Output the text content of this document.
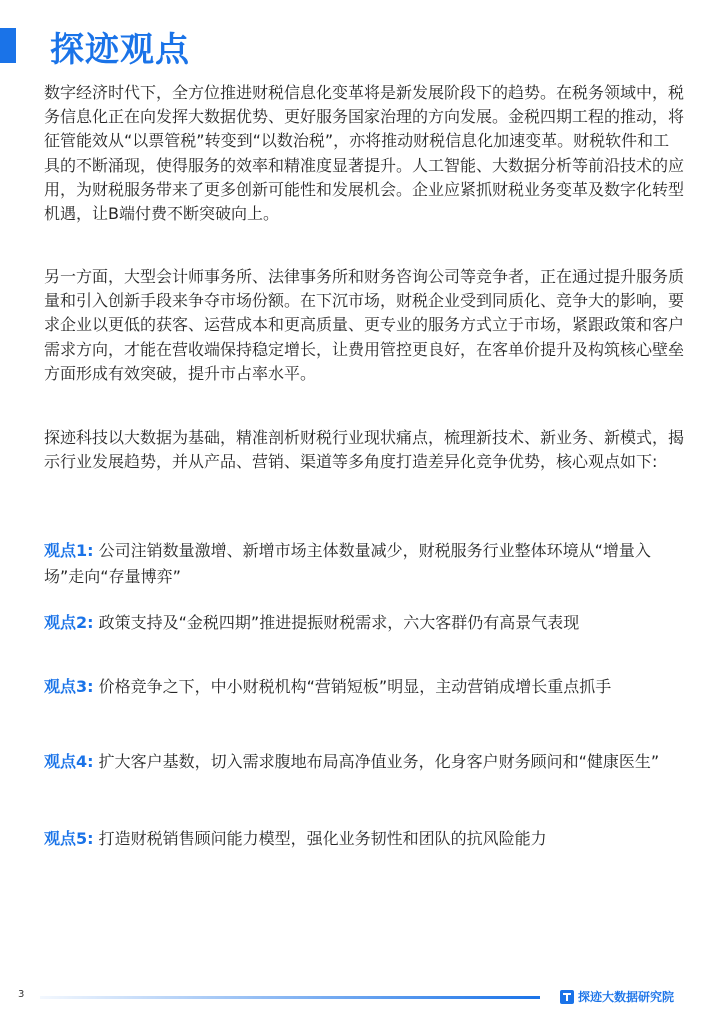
探迹观点

数字经济时代下，全方位推进财税信息化变革将是新发展阶段下的趋势。在税务领域中，税务信息化正在向发挥大数据优势、更好服务国家治理的方向发展。金税四期工程的推动，将征管能效从“以票管税”转变到“以数治税”，亦将推动财税信息化加速变革。财税软件和工具的不断涌现，使得服务的效率和精准度显著提升。人工智能、大数据分析等前沿技术的应用，为财税服务带来了更多创新可能性和发展机会。企业应紧抓财税业务变革及数字化转型机遇，让B端付费不断突破向上。

另一方面，大型会计师事务所、法律事务所和财务咨询公司等竞争者，正在通过提升服务质量和引入创新手段来争夺市场份额。在下沉市场，财税企业受到同质化、竞争大的影响，要求企业以更低的获客、运营成本和更高质量、更专业的服务方式立于市场，紧跟政策和客户需求方向，才能在营收端保持稳定增长，让费用管控更良好，在客单价提升及构筑核心壁垒方面形成有效突破，提升市占率水平。

探迹科技以大数据为基础，精准剖析财税行业现状痛点，梳理新技术、新业务、新模式，揭示行业发展趋势，并从产品、营销、渠道等多角度打造差异化竞争优势，核心观点如下:

观点1: 公司注销数量激增、新增市场主体数量减少，财税服务行业整体环境从“增量入场”走向“存量博弈”
观点2: 政策支持及“金税四期”推进提振财税需求，六大客群仍有高景气表现
观点3: 价格竞争之下，中小财税机构“营销短板”明显，主动营销成增长重点抓手
观点4: 扩大客户基数，切入需求腹地布局高净值业务，化身客户财务顾问和“健康医生”
观点5: 打造财税销售顾问能力模型，强化业务韧性和团队的抗风险能力
3	探迹大数据研究院
